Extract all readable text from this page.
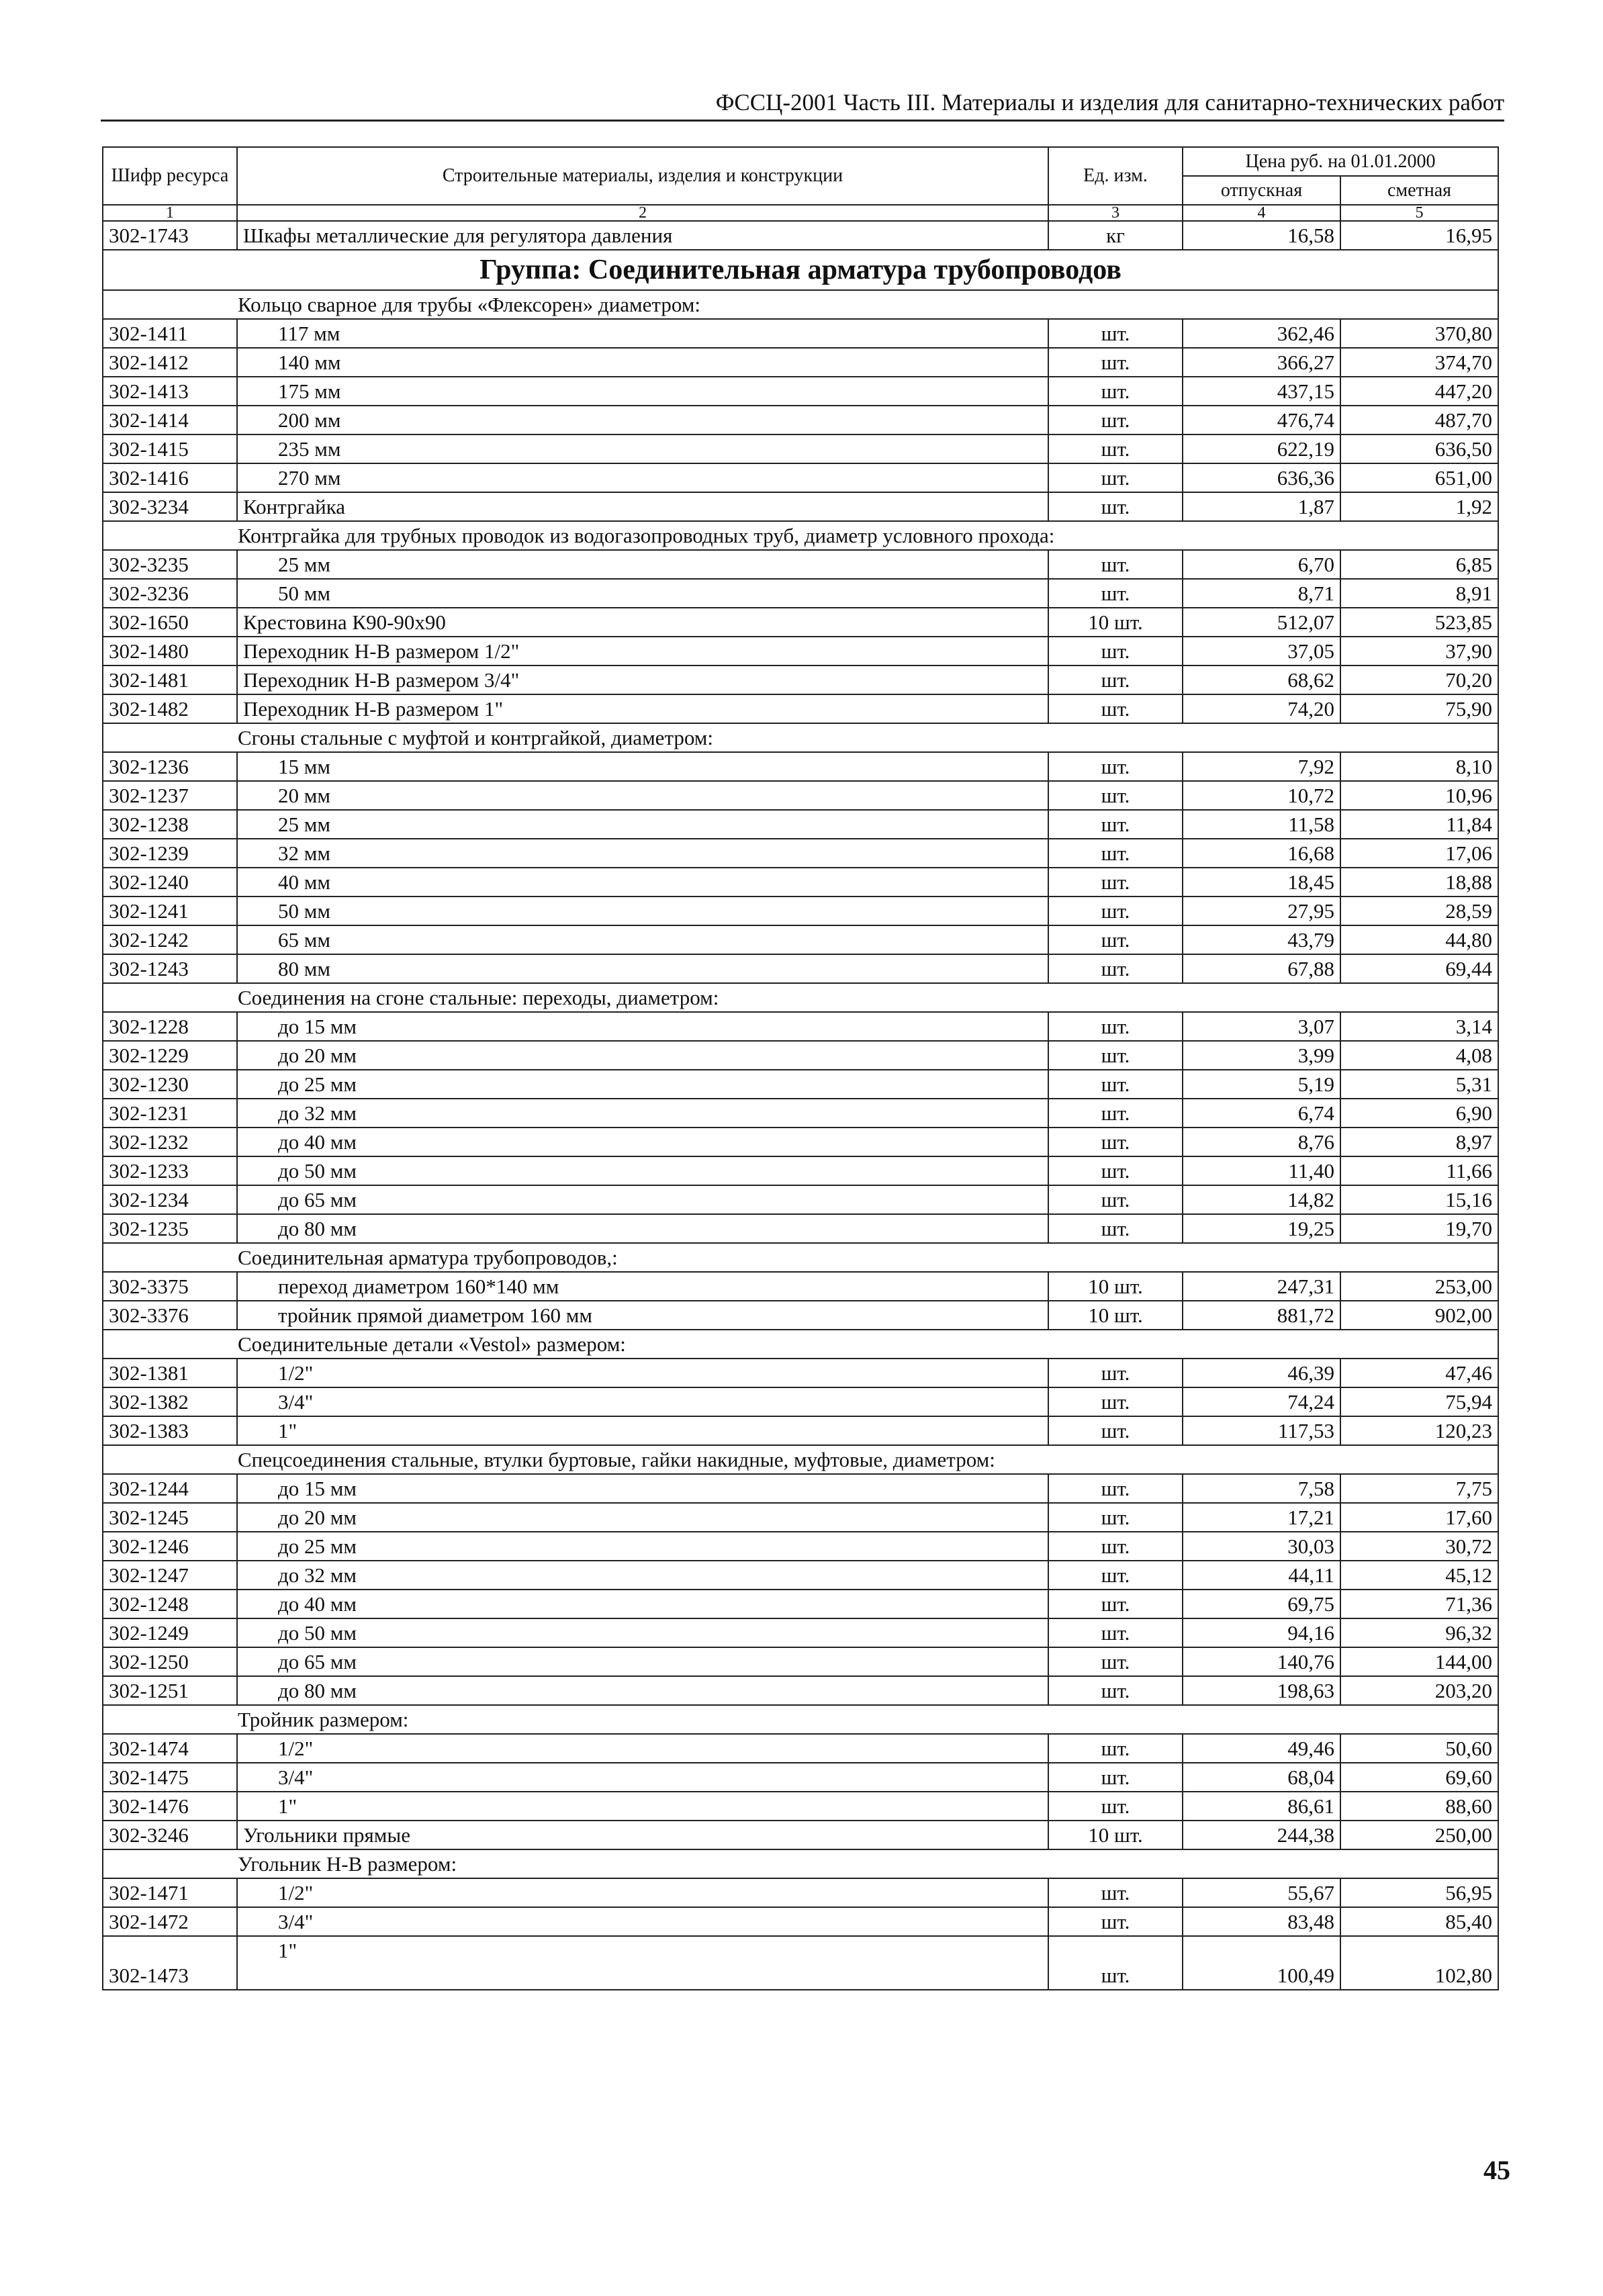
ФССЦ-2001 Часть III. Материалы и изделия для санитарно-технических работ
Шифр ресурса	Строительные материалы, изделия и конструкции	Ед. изм.	Цена руб. на 01.01.2000	
			отпускная	сметная
1	2	3	4	5
302-1743	Шкафы металлические для регулятора давления	кг	16,58	16,95
Группа: Соединительная арматура трубопроводов				
Кольцо сварное для трубы «Флексорен» диаметром:				
302-1411	117 мм	шт.	362,46	370,80
302-1412	140 мм	шт.	366,27	374,70
302-1413	175 мм	шт.	437,15	447,20
302-1414	200 мм	шт.	476,74	487,70
302-1415	235 мм	шт.	622,19	636,50
302-1416	270 мм	шт.	636,36	651,00
302-3234	Контргайка	шт.	1,87	1,92
Контргайка для трубных проводок из водогазопроводных труб, диаметр условного прохода:				
302-3235	25 мм	шт.	6,70	6,85
302-3236	50 мм	шт.	8,71	8,91
302-1650	Крестовина К90-90х90	10 шт.	512,07	523,85
302-1480	Переходник Н-В размером 1/2"	шт.	37,05	37,90
302-1481	Переходник Н-В размером 3/4"	шт.	68,62	70,20
302-1482	Переходник Н-В размером 1"	шт.	74,20	75,90
Сгоны стальные с муфтой и контргайкой, диаметром:				
302-1236	15 мм	шт.	7,92	8,10
302-1237	20 мм	шт.	10,72	10,96
302-1238	25 мм	шт.	11,58	11,84
302-1239	32 мм	шт.	16,68	17,06
302-1240	40 мм	шт.	18,45	18,88
302-1241	50 мм	шт.	27,95	28,59
302-1242	65 мм	шт.	43,79	44,80
302-1243	80 мм	шт.	67,88	69,44
Соединения на сгоне стальные: переходы, диаметром:				
302-1228	до 15 мм	шт.	3,07	3,14
302-1229	до 20 мм	шт.	3,99	4,08
302-1230	до 25 мм	шт.	5,19	5,31
302-1231	до 32 мм	шт.	6,74	6,90
302-1232	до 40 мм	шт.	8,76	8,97
302-1233	до 50 мм	шт.	11,40	11,66
302-1234	до 65 мм	шт.	14,82	15,16
302-1235	до 80 мм	шт.	19,25	19,70
Соединительная арматура трубопроводов,:				
302-3375	переход диаметром 160*140 мм	10 шт.	247,31	253,00
302-3376	тройник прямой диаметром 160 мм	10 шт.	881,72	902,00
Соединительные детали «Vestol» размером:				
302-1381	1/2"	шт.	46,39	47,46
302-1382	3/4"	шт.	74,24	75,94
302-1383	1"	шт.	117,53	120,23
Спецсоединения стальные, втулки буртовые, гайки накидные, муфтовые, диаметром:				
302-1244	до 15 мм	шт.	7,58	7,75
302-1245	до 20 мм	шт.	17,21	17,60
302-1246	до 25 мм	шт.	30,03	30,72
302-1247	до 32 мм	шт.	44,11	45,12
302-1248	до 40 мм	шт.	69,75	71,36
302-1249	до 50 мм	шт.	94,16	96,32
302-1250	до 65 мм	шт.	140,76	144,00
302-1251	до 80 мм	шт.	198,63	203,20
Тройник размером:				
302-1474	1/2"	шт.	49,46	50,60
302-1475	3/4"	шт.	68,04	69,60
302-1476	1"	шт.	86,61	88,60
302-3246	Угольники прямые	10 шт.	244,38	250,00
Угольник Н-В размером:				
302-1471	1/2"	шт.	55,67	56,95
302-1472	3/4"	шт.	83,48	85,40
302-1473	1"	шт.	100,49	102,80
45
